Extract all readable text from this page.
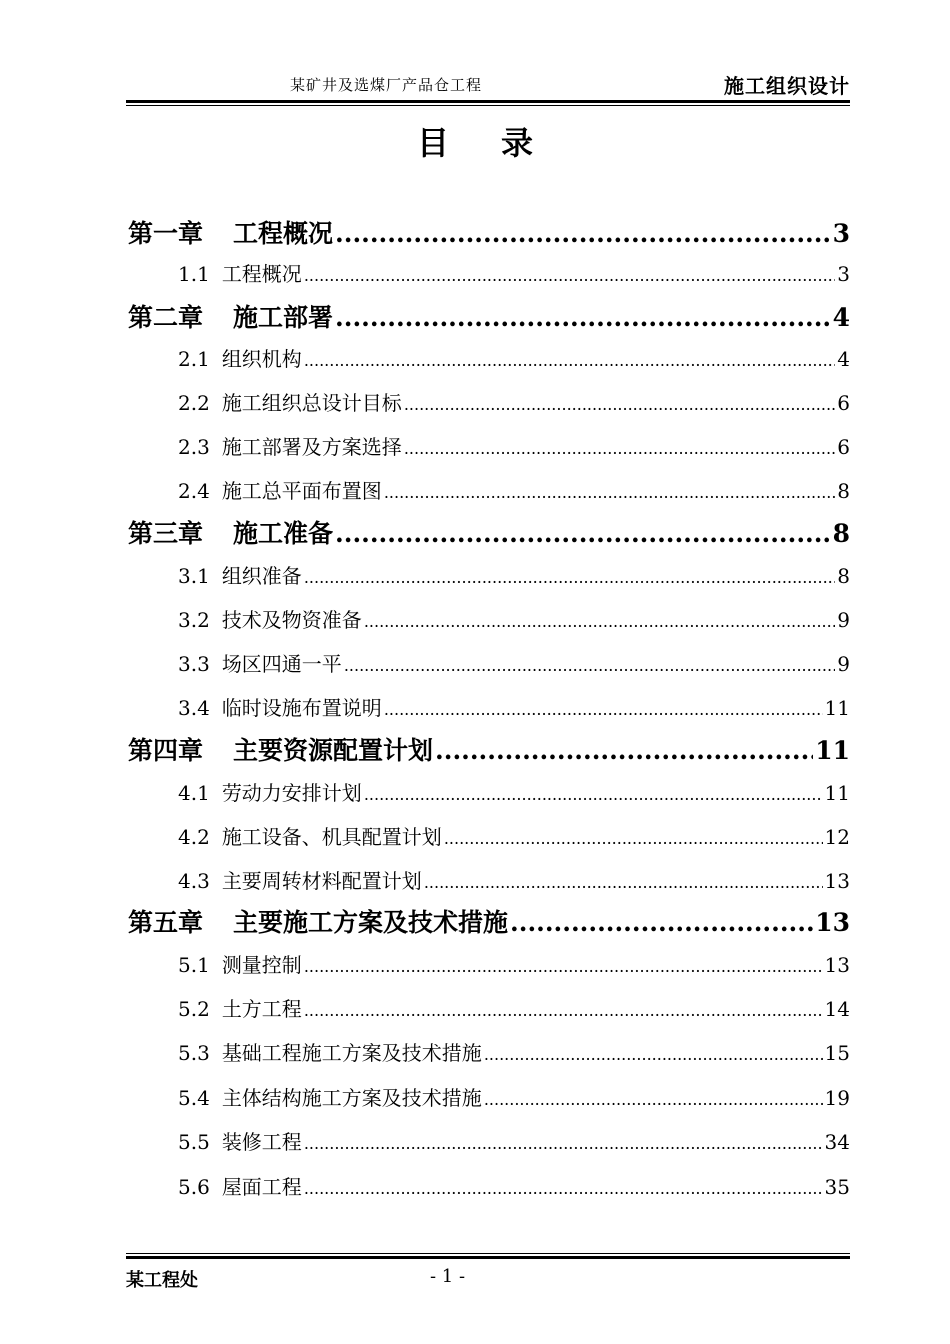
某矿井及选煤厂产品仓工程	施工组织设计
目 录
第一章 工程概况 .....	3
1.1 工程概况 .....	3
第二章 施工部署 .....	4
2.1 组织机构 .....	4
2.2 施工组织总设计目标 .....	6
2.3 施工部署及方案选择 .....	6
2.4 施工总平面布置图 .....	8
第三章 施工准备 .....	8
3.1 组织准备 .....	8
3.2 技术及物资准备 .....	9
3.3 场区四通一平 .....	9
3.4 临时设施布置说明 .....	11
第四章 主要资源配置计划 .....	11
4.1 劳动力安排计划 .....	11
4.2 施工设备、机具配置计划 .....	12
4.3 主要周转材料配置计划 .....	13
第五章 主要施工方案及技术措施 .....	13
5.1 测量控制 .....	13
5.2 土方工程 .....	14
5.3 基础工程施工方案及技术措施 .....	15
5.4 主体结构施工方案及技术措施 .....	19
5.5 装修工程 .....	34
5.6 屋面工程 .....	35
某工程处	- 1 -
